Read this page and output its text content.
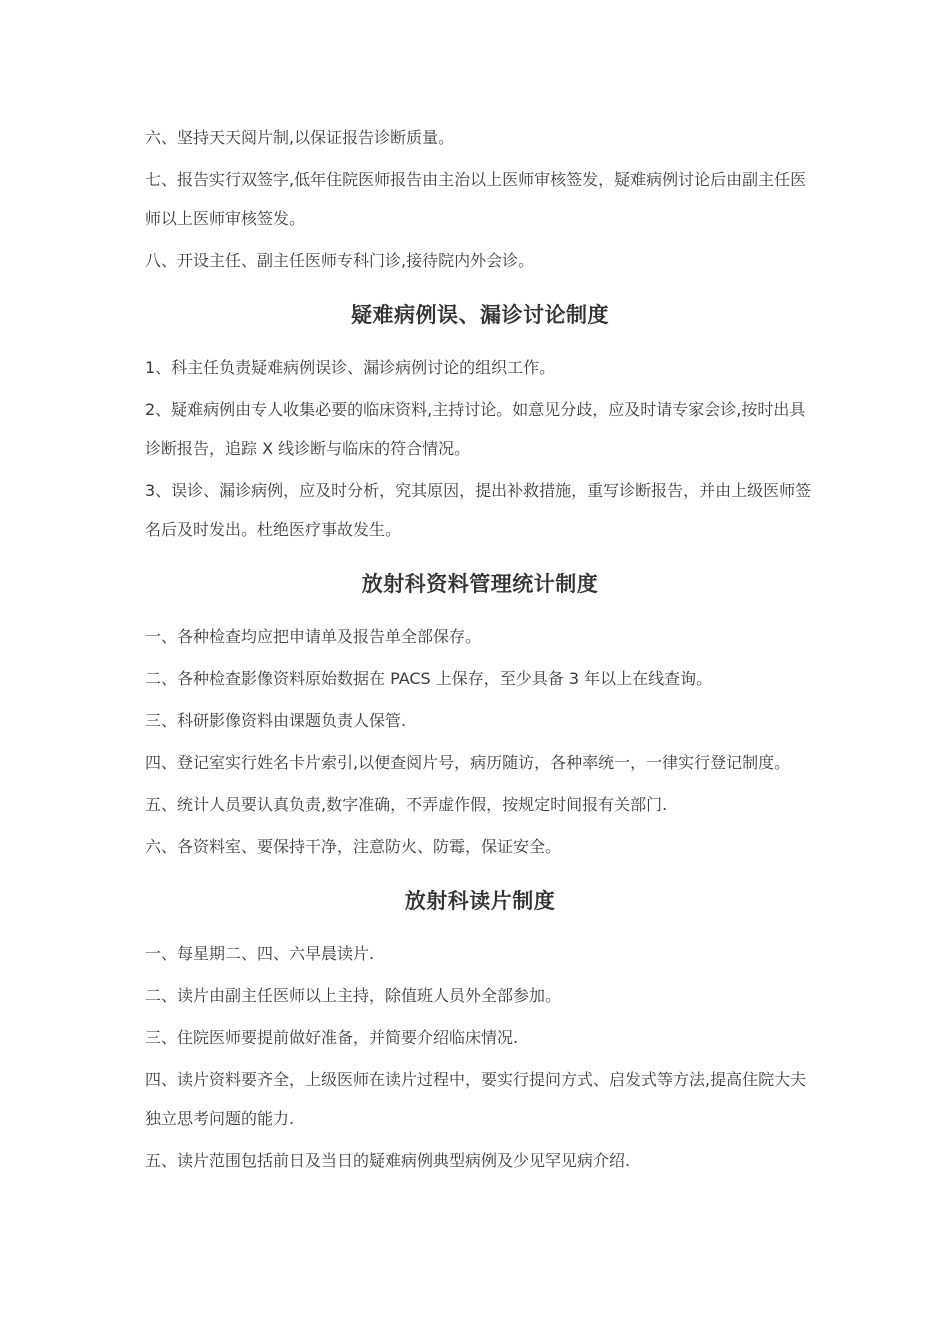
六、坚持天天阅片制,以保证报告诊断质量。

七、报告实行双签字,低年住院医师报告由主治以上医师审核签发，疑难病例讨论后由副主任医师以上医师审核签发。

八、开设主任、副主任医师专科门诊,接待院内外会诊。

疑难病例误、漏诊讨论制度

1、科主任负责疑难病例误诊、漏诊病例讨论的组织工作。

2、疑难病例由专人收集必要的临床资料,主持讨论。如意见分歧，应及时请专家会诊,按时出具诊断报告，追踪 X 线诊断与临床的符合情况。

3、误诊、漏诊病例，应及时分析，究其原因，提出补救措施，重写诊断报告，并由上级医师签名后及时发出。杜绝医疗事故发生。

放射科资料管理统计制度

一、各种检查均应把申请单及报告单全部保存。

二、各种检查影像资料原始数据在 PACS 上保存，至少具备 3 年以上在线查询。

三、科研影像资料由课题负责人保管.

四、登记室实行姓名卡片索引,以便查阅片号，病历随访，各种率统一，一律实行登记制度。

五、统计人员要认真负责,数字准确，不弄虚作假，按规定时间报有关部门.

六、各资料室、要保持干净，注意防火、防霉，保证安全。

放射科读片制度

一、每星期二、四、六早晨读片.

二、读片由副主任医师以上主持，除值班人员外全部参加。

三、住院医师要提前做好准备，并简要介绍临床情况.

四、读片资料要齐全，上级医师在读片过程中，要实行提问方式、启发式等方法,提高住院大夫独立思考问题的能力.

五、读片范围包括前日及当日的疑难病例典型病例及少见罕见病介绍.
